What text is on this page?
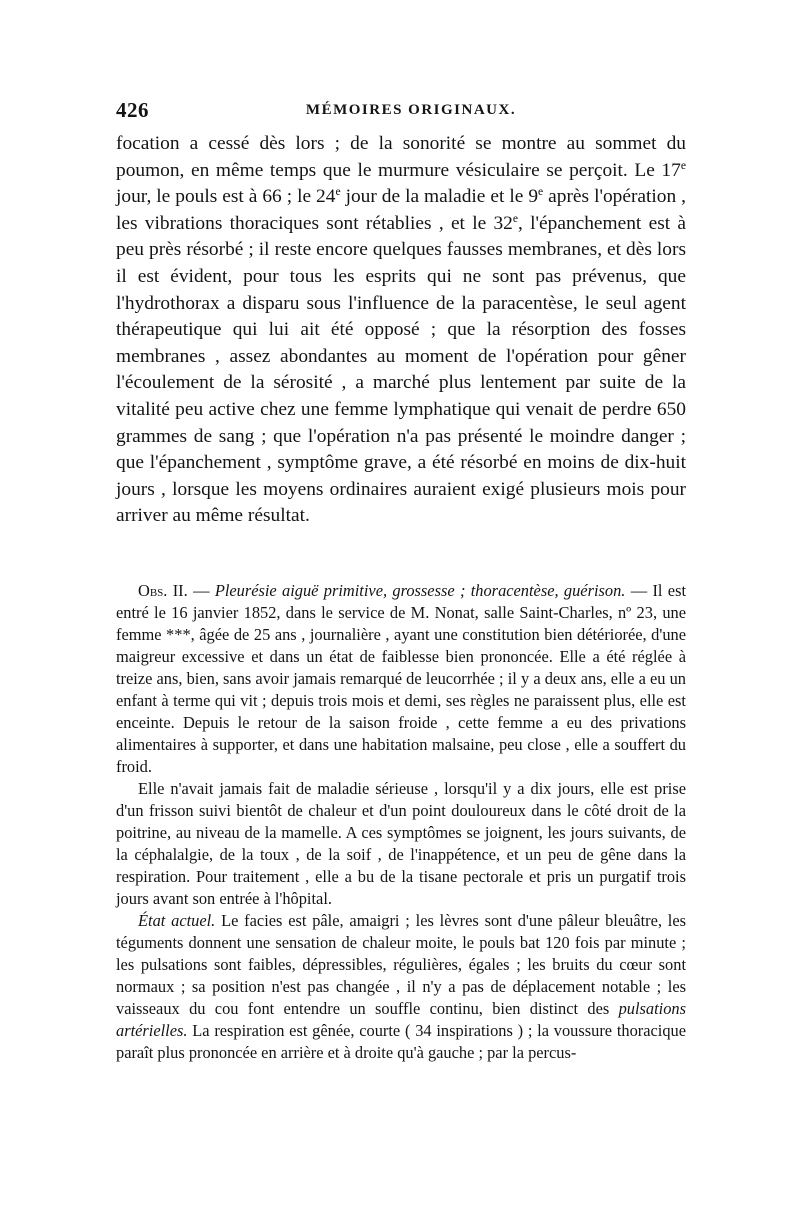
426	MÉMOIRES ORIGINAUX.

focation a cessé dès lors ; de la sonorité se montre au sommet du poumon, en même temps que le murmure vésiculaire se perçoit. Le 17e jour, le pouls est à 66 ; le 24e jour de la maladie et le 9e après l'opération , les vibrations thoraciques sont rétablies , et le 32e, l'épanchement est à peu près résorbé ; il reste encore quelques fausses membranes, et dès lors il est évident, pour tous les esprits qui ne sont pas prévenus, que l'hydrothorax a disparu sous l'influence de la paracentèse, le seul agent thérapeutique qui lui ait été opposé ; que la résorption des fosses membranes , assez abondantes au moment de l'opération pour gêner l'écoulement de la sérosité , a marché plus lentement par suite de la vitalité peu active chez une femme lymphatique qui venait de perdre 650 grammes de sang ; que l'opération n'a pas présenté le moindre danger ; que l'épanchement , symptôme grave, a été résorbé en moins de dix-huit jours , lorsque les moyens ordinaires auraient exigé plusieurs mois pour arriver au même résultat.

Obs. II. — Pleurésie aiguë primitive, grossesse ; thoracentèse, guérison. — Il est entré le 16 janvier 1852, dans le service de M. Nonat, salle Saint-Charles, nº 23, une femme ***, âgée de 25 ans , journalière , ayant une constitution bien détériorée, d'une maigreur excessive et dans un état de faiblesse bien prononcée. Elle a été réglée à treize ans, bien, sans avoir jamais remarqué de leucorrhée ; il y a deux ans, elle a eu un enfant à terme qui vit ; depuis trois mois et demi, ses règles ne paraissent plus, elle est enceinte. Depuis le retour de la saison froide , cette femme a eu des privations alimentaires à supporter, et dans une habitation malsaine, peu close , elle a souffert du froid.

Elle n'avait jamais fait de maladie sérieuse , lorsqu'il y a dix jours, elle est prise d'un frisson suivi bientôt de chaleur et d'un point douloureux dans le côté droit de la poitrine, au niveau de la mamelle. A ces symptômes se joignent, les jours suivants, de la céphalalgie, de la toux , de la soif , de l'inappétence, et un peu de gêne dans la respiration. Pour traitement , elle a bu de la tisane pectorale et pris un purgatif trois jours avant son entrée à l'hôpital.

État actuel. Le facies est pâle, amaigri ; les lèvres sont d'une pâleur bleuâtre, les téguments donnent une sensation de chaleur moite, le pouls bat 120 fois par minute ; les pulsations sont faibles, dépressibles, régulières, égales ; les bruits du cœur sont normaux ; sa position n'est pas changée , il n'y a pas de déplacement notable ; les vaisseaux du cou font entendre un souffle continu, bien distinct des pulsations artérielles. La respiration est gênée, courte ( 34 inspirations ) ; la voussure thoracique paraît plus prononcée en arrière et à droite qu'à gauche ; par la percus-
